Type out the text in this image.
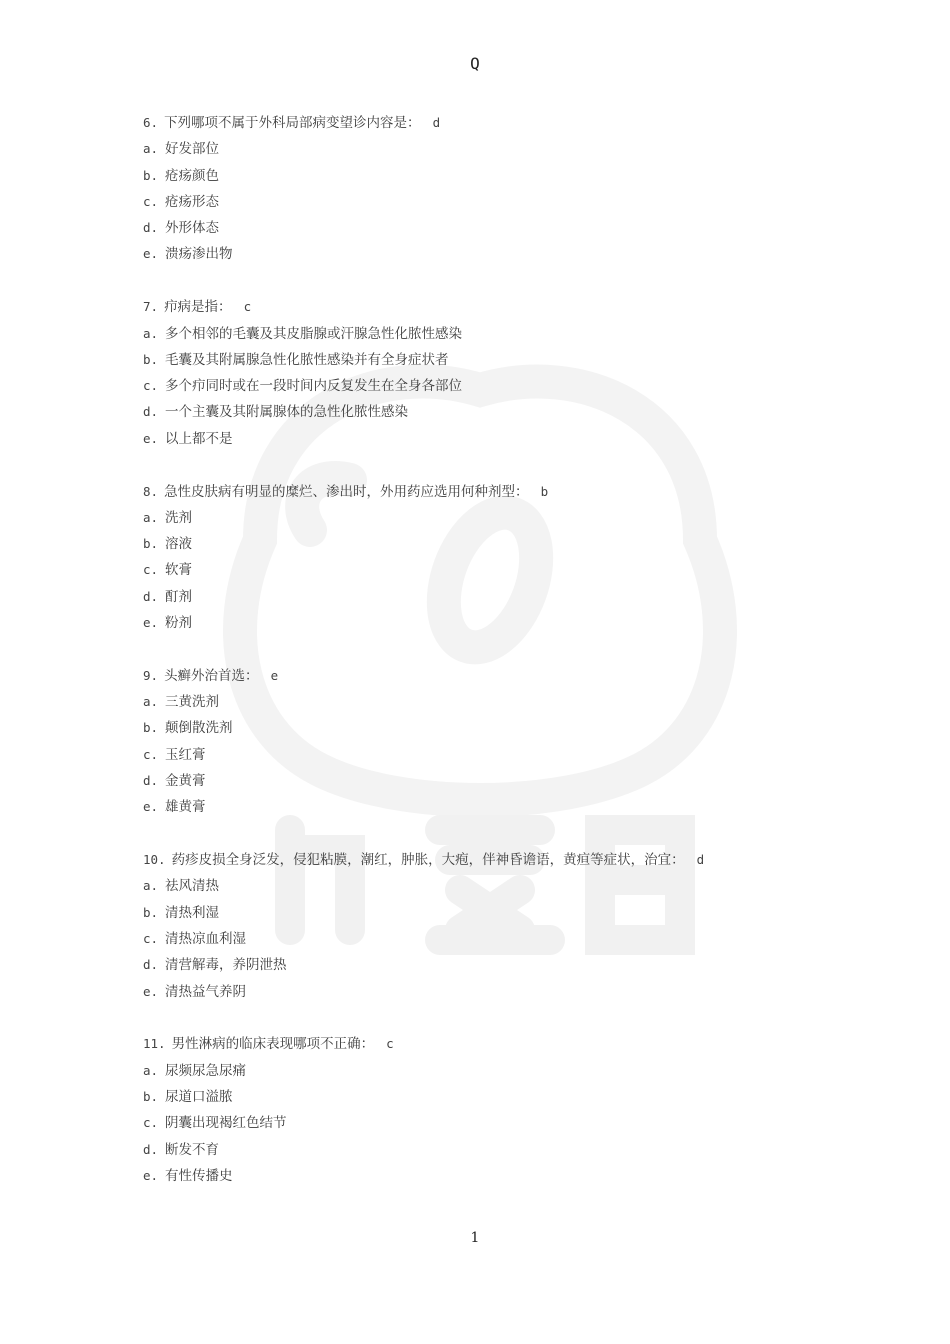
Q
6. 下列哪项不属于外科局部病变望诊内容是： d
a. 好发部位
b. 疮疡颜色
c. 疮疡形态
d. 外形体态
e. 溃疡渗出物
7. 疖病是指： c
a. 多个相邻的毛囊及其皮脂腺或汗腺急性化脓性感染
b. 毛囊及其附属腺急性化脓性感染并有全身症状者
c. 多个疖同时或在一段时间内反复发生在全身各部位
d. 一个主囊及其附属腺体的急性化脓性感染
e. 以上都不是
8. 急性皮肤病有明显的糜烂、渗出时，外用药应选用何种剂型： b
a. 洗剂
b. 溶液
c. 软膏
d. 酊剂
e. 粉剂
9. 头癣外治首选： e
a. 三黄洗剂
b. 颠倒散洗剂
c. 玉红膏
d. 金黄膏
e. 雄黄膏
10. 药疹皮损全身泛发，侵犯粘膜，潮红，肿胀，大疱，伴神昏谵语，黄疸等症状，治宜： d
a. 祛风清热
b. 清热利湿
c. 清热凉血利湿
d. 清营解毒，养阴泄热
e. 清热益气养阴
11. 男性淋病的临床表现哪项不正确： c
a. 尿频尿急尿痛
b. 尿道口溢脓
c. 阴囊出现褐红色结节
d. 断发不育
e. 有性传播史
1
